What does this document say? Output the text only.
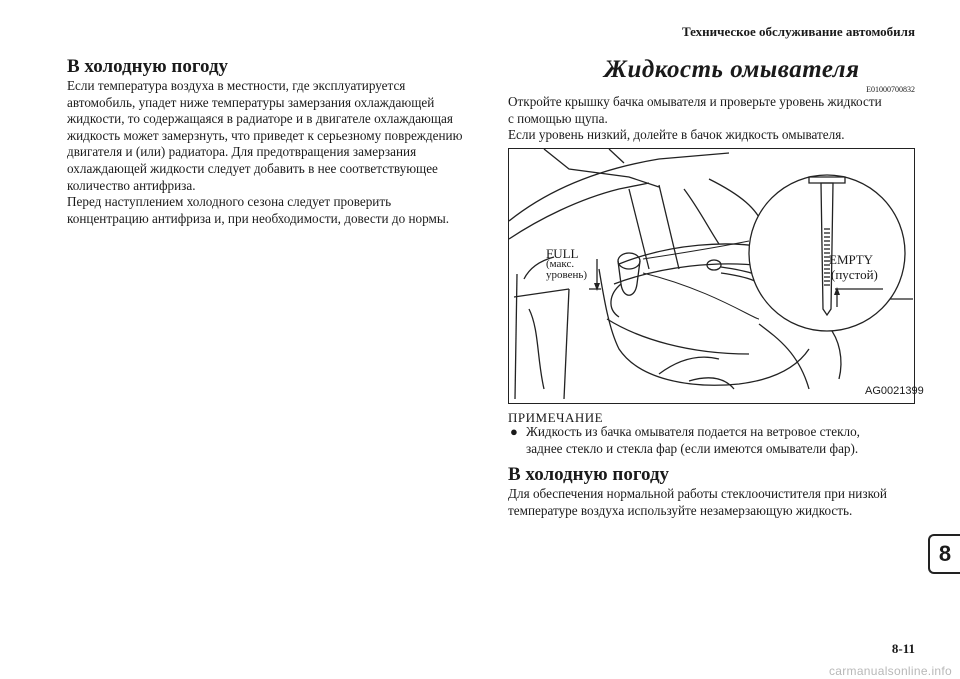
Техническое обслуживание автомобиля
В холодную погоду
Если температура воздуха в местности, где эксплуатируется
автомобиль, упадет ниже температуры замерзания охлаждающей
жидкости, то содержащаяся в радиаторе и в двигателе охлаждающая
жидкость может замерзнуть, что приведет к серьезному повреждению
двигателя и (или) радиатора. Для предотвращения замерзания
охлаждающей жидкости следует добавить в нее соответствующее
количество антифриза.
Перед наступлением холодного сезона следует проверить
концентрацию антифриза и, при необходимости, довести до нормы.
Жидкость омывателя
E01000700832
Откройте крышку бачка омывателя и проверьте уровень жидкости
с помощью щупа.
Если уровень низкий, долейте в бачок жидкость омывателя.
FULL
(макс.
уровень)
EMPTY
(пустой)
AG0021399
ПРИМЕЧАНИЕ
● Жидкость из бачка омывателя подается на ветровое стекло,
заднее стекло и стекла фар (если имеются омыватели фар).
В холодную погоду
Для обеспечения нормальной работы стеклоочистителя при низкой
температуре воздуха используйте незамерзающую жидкость.
8
8-11
carmanualsonline.info
